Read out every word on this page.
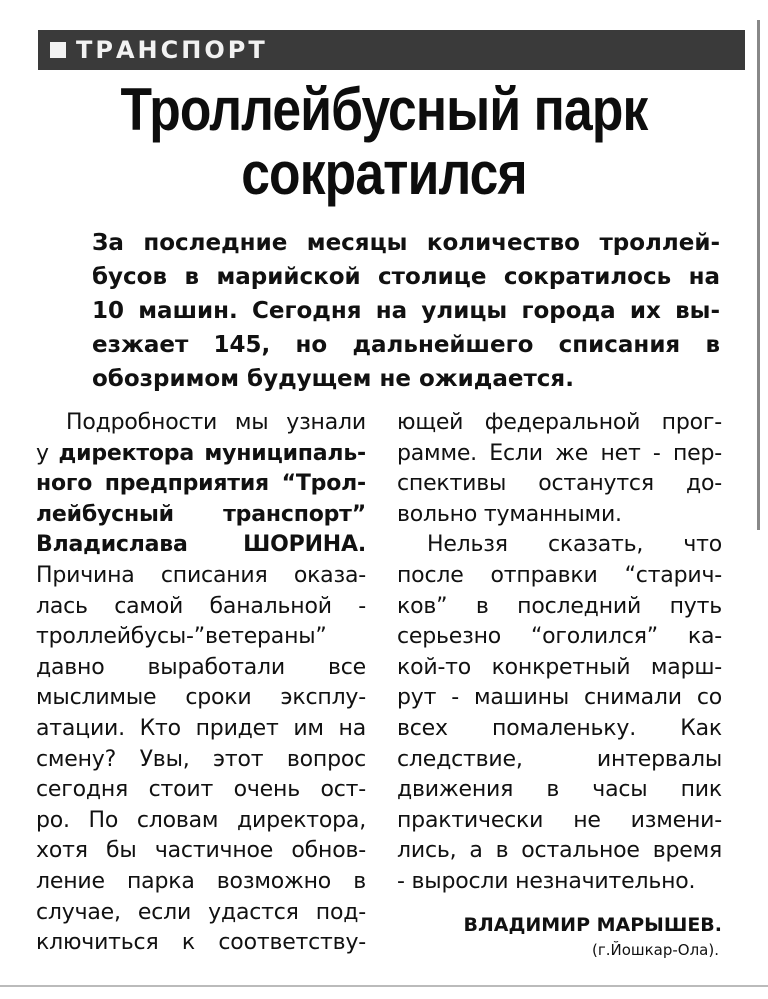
ТРАНСПОРТ
Троллейбусный парк
сократился
За последние месяцы количество троллей-
бусов в марийской столице сократилось на
10 машин. Сегодня на улицы города их вы-
езжает 145, но дальнейшего списания в
обозримом будущем не ожидается.
Подробности мы узнали
у директора муниципаль-
ного предприятия “Трол-
лейбусный транспорт”
Владислава ШОРИНА.
Причина списания оказа-
лась самой банальной -
троллейбусы-”ветераны”
давно выработали все
мыслимые сроки эксплу-
атации. Кто придет им на
смену? Увы, этот вопрос
сегодня стоит очень ост-
ро. По словам директора,
хотя бы частичное обнов-
ление парка возможно в
случае, если удастся под-
ключиться к соответству-
ющей федеральной прог-
рамме. Если же нет - пер-
спективы останутся до-
вольно туманными.
Нельзя сказать, что
после отправки “старич-
ков” в последний путь
серьезно “оголился” ка-
кой-то конкретный марш-
рут - машины снимали со
всех помаленьку. Как
следствие, интервалы
движения в часы пик
практически не измени-
лись, а в остальное время
- выросли незначительно.
ВЛАДИМИР МАРЫШЕВ.
(г.Йошкар-Ола).
